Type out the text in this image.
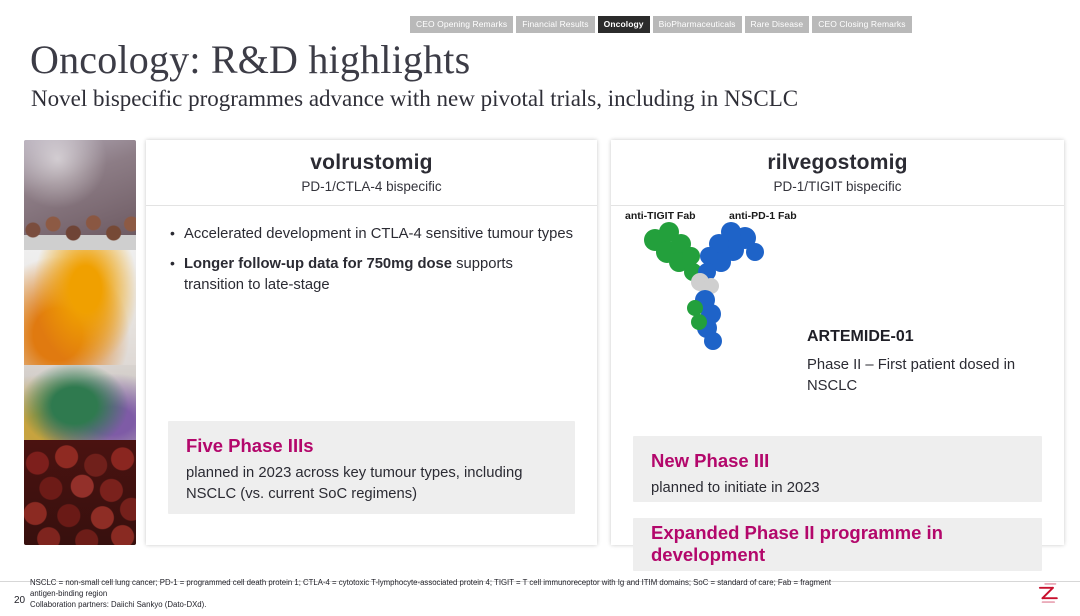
CEO Opening Remarks	Financial Results	Oncology	BioPharmaceuticals	Rare Disease	CEO Closing Remarks
Oncology: R&D highlights
Novel bispecific programmes advance with new pivotal trials, including in NSCLC
volrustomig
PD-1/CTLA-4 bispecific
• Accelerated development in CTLA-4 sensitive tumour types
• Longer follow-up data for 750mg dose supports transition to late-stage
Five Phase IIIs
planned in 2023 across key tumour types, including NSCLC (vs. current SoC regimens)
rilvegostomig
PD-1/TIGIT bispecific
anti-TIGIT Fab	anti-PD-1 Fab
ARTEMIDE-01
Phase II – First patient dosed in NSCLC
New Phase III
planned to initiate in 2023
Expanded Phase II programme in development
20
NSCLC = non-small cell lung cancer; PD-1 = programmed cell death protein 1; CTLA-4 = cytotoxic T-lymphocyte-associated protein 4; TIGIT = T cell immunoreceptor with Ig and ITIM domains; SoC = standard of care; Fab = fragment
antigen-binding region
Collaboration partners: Daiichi Sankyo (Dato-DXd).
